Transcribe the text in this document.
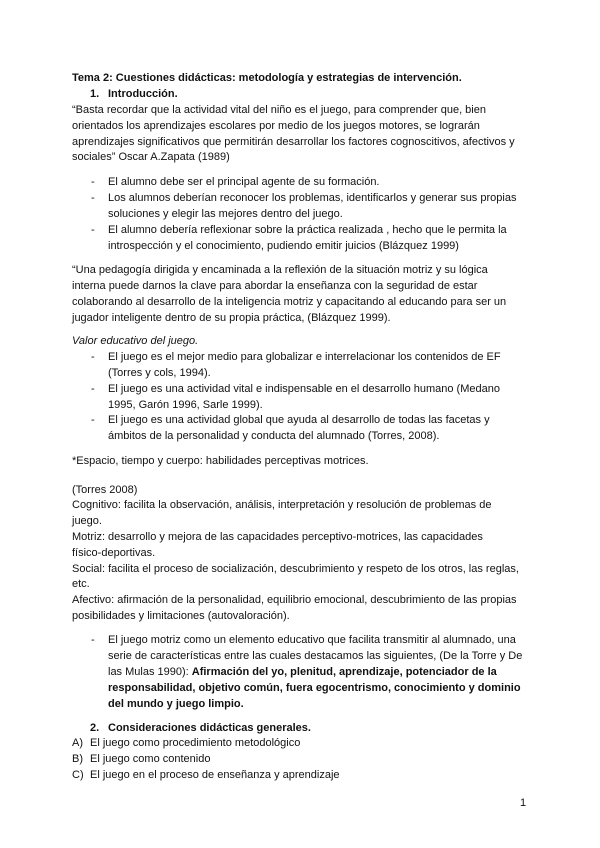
Tema 2: Cuestiones didácticas: metodología y estrategias de intervención.
1. Introducción.
“Basta recordar que la actividad vital del niño es el juego, para comprender que, bien
orientados los aprendizajes escolares por medio de los juegos motores, se lograrán
aprendizajes significativos que permitirán desarrollar los factores cognoscitivos, afectivos y
sociales” Oscar A.Zapata (1989)
- El alumno debe ser el principal agente de su formación.
- Los alumnos deberían reconocer los problemas, identificarlos y generar sus propias
soluciones y elegir las mejores dentro del juego.
- El alumno debería reflexionar sobre la práctica realizada , hecho que le permita la
introspección y el conocimiento, pudiendo emitir juicios (Blázquez 1999)
“Una pedagogía dirigida y encaminada a la reflexión de la situación motriz y su lógica
interna puede darnos la clave para abordar la enseñanza con la seguridad de estar
colaborando al desarrollo de la inteligencia motriz y capacitando al educando para ser un
jugador inteligente dentro de su propia práctica, (Blázquez 1999).
Valor educativo del juego.
- El juego es el mejor medio para globalizar e interrelacionar los contenidos de EF
(Torres y cols, 1994).
- El juego es una actividad vital e indispensable en el desarrollo humano (Medano
1995, Garón 1996, Sarle 1999).
- El juego es una actividad global que ayuda al desarrollo de todas las facetas y
ámbitos de la personalidad y conducta del alumnado (Torres, 2008).
*Espacio, tiempo y cuerpo: habilidades perceptivas motrices.
(Torres 2008)
Cognitivo: facilita la observación, análisis, interpretación y resolución de problemas de
juego.
Motriz: desarrollo y mejora de las capacidades perceptivo-motrices, las capacidades
físico-deportivas.
Social: facilita el proceso de socialización, descubrimiento y respeto de los otros, las reglas,
etc.
Afectivo: afirmación de la personalidad, equilibrio emocional, descubrimiento de las propias
posibilidades y limitaciones (autovaloración).
- El juego motriz como un elemento educativo que facilita transmitir al alumnado, una
serie de características entre las cuales destacamos las siguientes, (De la Torre y De
las Mulas 1990): Afirmación del yo, plenitud, aprendizaje, potenciador de la
responsabilidad, objetivo común, fuera egocentrismo, conocimiento y dominio
del mundo y juego limpio.
2. Consideraciones didácticas generales.
A) El juego como procedimiento metodológico
B) El juego como contenido
C) El juego en el proceso de enseñanza y aprendizaje
1
